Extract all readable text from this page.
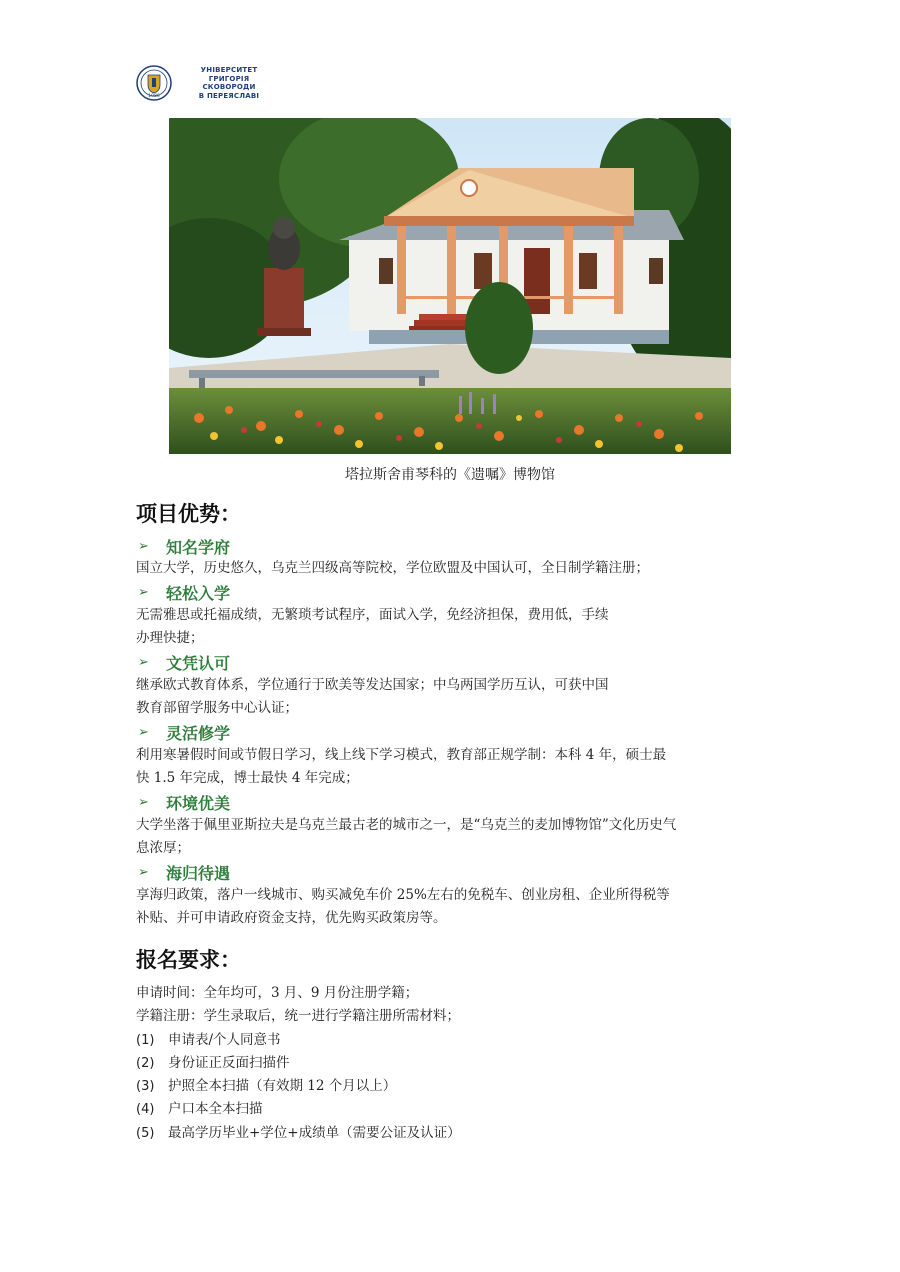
1986
УНІВЕРСИТЕТ
ГРИГОРІЯ СКОВОРОДИ
В ПЕРЕЯСЛАВІ
塔拉斯舍甫琴科的《遗嘱》博物馆
项目优势：
➢	知名学府
国立大学，历史悠久，乌克兰四级高等院校，学位欧盟及中国认可，全日制学籍注册；
➢	轻松入学
无需雅思或托福成绩，无繁琐考试程序，面试入学，免经济担保，费用低，手续
办理快捷；
➢	文凭认可
继承欧式教育体系，学位通行于欧美等发达国家；中乌两国学历互认，可获中国
教育部留学服务中心认证；
➢	灵活修学
利用寒暑假时间或节假日学习，线上线下学习模式，教育部正规学制：本科 4 年，硕士最
快 1.5 年完成，博士最快 4 年完成；
➢	环境优美
大学坐落于佩里亚斯拉夫是乌克兰最古老的城市之一，是“乌克兰的麦加博物馆”文化历史气
息浓厚；
➢	海归待遇
享海归政策，落户一线城市、购买减免车价 25%左右的免税车、创业房租、企业所得税等
补贴、并可申请政府资金支持，优先购买政策房等。
报名要求：
申请时间：全年均可，3 月、9 月份注册学籍；
学籍注册：学生录取后，统一进行学籍注册所需材料；
(1) 申请表/个人同意书
(2) 身份证正反面扫描件
(3) 护照全本扫描（有效期 12 个月以上）
(4) 户口本全本扫描
(5) 最高学历毕业+学位+成绩单（需要公证及认证）
